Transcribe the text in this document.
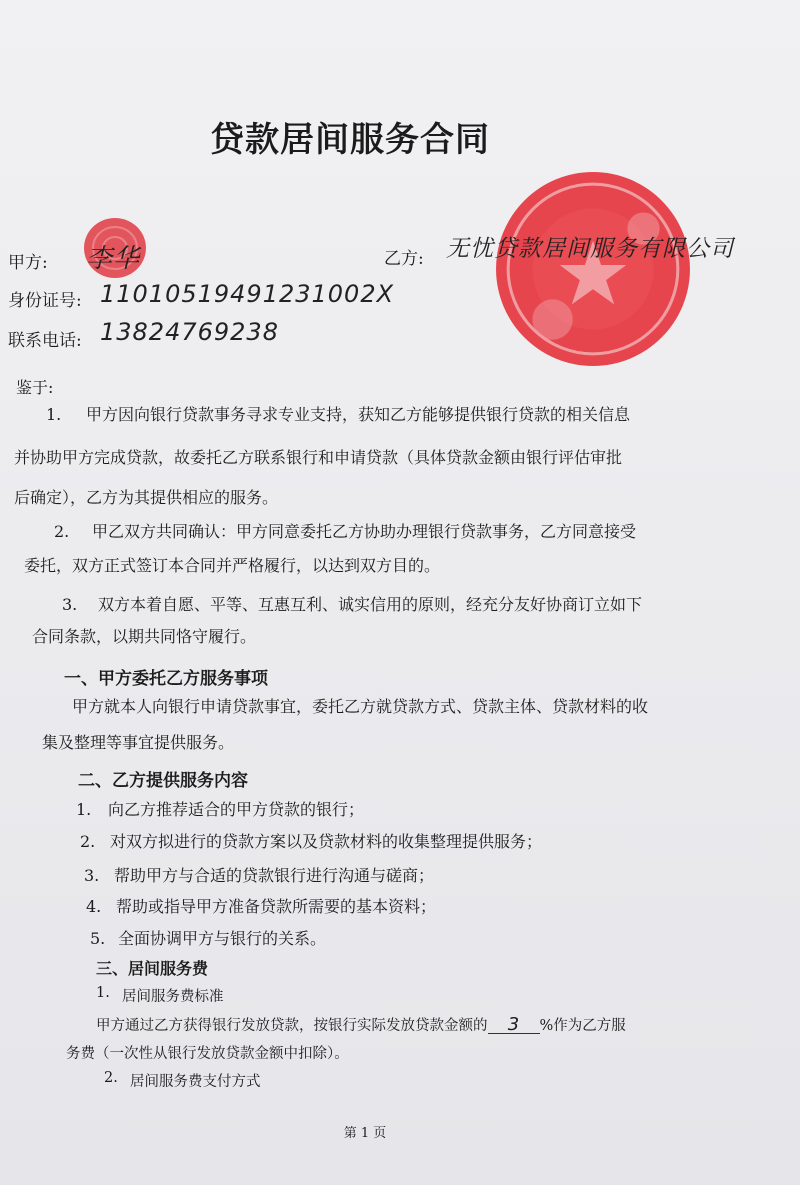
贷款居间服务合同
甲方: 李华
身份证号: 11010519491231002X
联系电话: 13824769238
乙方: 无忧贷款居间服务有限公司
鉴于:
1. 甲方因向银行贷款事务寻求专业支持，获知乙方能够提供银行贷款的相关信息
并协助甲方完成贷款，故委托乙方联系银行和申请贷款（具体贷款金额由银行评估审批
后确定），乙方为其提供相应的服务。
2. 甲乙双方共同确认：甲方同意委托乙方协助办理银行贷款事务，乙方同意接受
委托，双方正式签订本合同并严格履行，以达到双方目的。
3. 双方本着自愿、平等、互惠互利、诚实信用的原则，经充分友好协商订立如下
合同条款，以期共同恪守履行。
一、甲方委托乙方服务事项
甲方就本人向银行申请贷款事宜，委托乙方就贷款方式、贷款主体、贷款材料的收
集及整理等事宜提供服务。
二、乙方提供服务内容
1. 向乙方推荐适合的甲方贷款的银行；
2. 对双方拟进行的贷款方案以及贷款材料的收集整理提供服务；
3. 帮助甲方与合适的贷款银行进行沟通与磋商；
4. 帮助或指导甲方准备贷款所需要的基本资料；
5. 全面协调甲方与银行的关系。
三、居间服务费
1. 居间服务费标准
甲方通过乙方获得银行发放贷款，按银行实际发放贷款金额的 3 %作为乙方服
务费（一次性从银行发放贷款金额中扣除）。
2. 居间服务费支付方式
第 1 页
